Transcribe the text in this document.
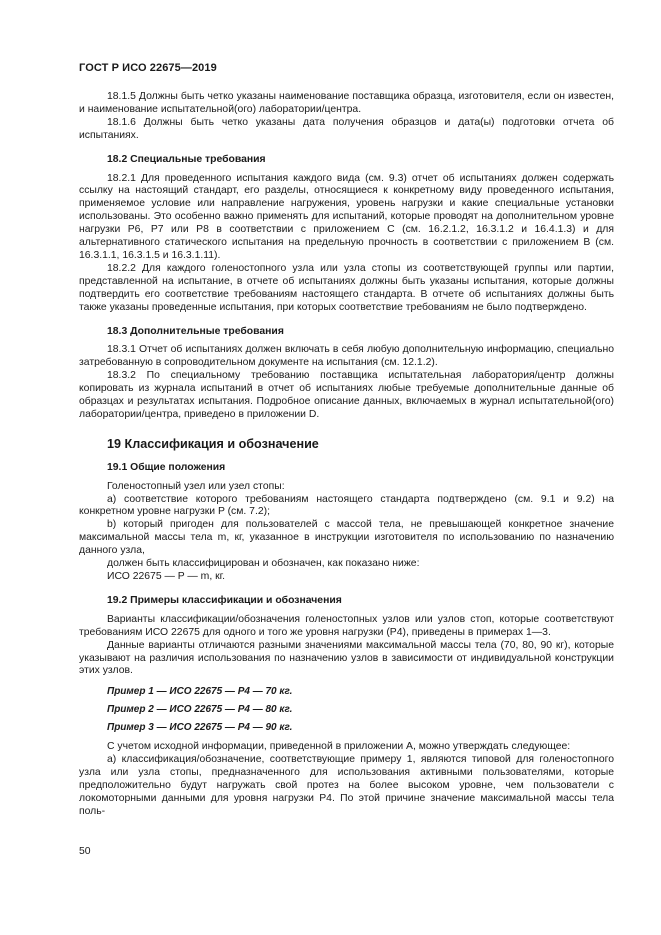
ГОСТ Р ИСО 22675—2019

18.1.5 Должны быть четко указаны наименование поставщика образца, изготовителя, если он известен, и наименование испытательной(ого) лаборатории/центра.

18.1.6 Должны быть четко указаны дата получения образцов и дата(ы) подготовки отчета об испытаниях.

18.2 Специальные требования

18.2.1 Для проведенного испытания каждого вида (см. 9.3) отчет об испытаниях должен содержать ссылку на настоящий стандарт, его разделы, относящиеся к конкретному виду проведенного испытания, применяемое условие или направление нагружения, уровень нагрузки и какие специальные установки использованы. Это особенно важно применять для испытаний, которые проводят на дополнительном уровне нагрузки P6, P7 или P8 в соответствии с приложением С (см. 16.2.1.2, 16.3.1.2 и 16.4.1.3) и для альтернативного статического испытания на предельную прочность в соответствии с приложением В (см. 16.3.1.1, 16.3.1.5 и 16.3.1.11).

18.2.2 Для каждого голеностопного узла или узла стопы из соответствующей группы или партии, представленной на испытание, в отчете об испытаниях должны быть указаны испытания, которые должны подтвердить его соответствие требованиям настоящего стандарта. В отчете об испытаниях должны быть также указаны проведенные испытания, при которых соответствие требованиям не было подтверждено.

18.3 Дополнительные требования

18.3.1 Отчет об испытаниях должен включать в себя любую дополнительную информацию, специально затребованную в сопроводительном документе на испытания (см. 12.1.2).

18.3.2 По специальному требованию поставщика испытательная лаборатория/центр должны копировать из журнала испытаний в отчет об испытаниях любые требуемые дополнительные данные об образцах и результатах испытания. Подробное описание данных, включаемых в журнал испытательной(ого) лаборатории/центра, приведено в приложении D.

19 Классификация и обозначение
19.1 Общие положения

Голеностопный узел или узел стопы:

a) соответствие которого требованиям настоящего стандарта подтверждено (см. 9.1 и 9.2) на конкретном уровне нагрузки P (см. 7.2);

b) который пригоден для пользователей с массой тела, не превышающей конкретное значение максимальной массы тела m, кг, указанное в инструкции изготовителя по использованию по назначению данного узла,

должен быть классифицирован и обозначен, как показано ниже:

ИСО 22675 — P — m, кг.

19.2 Примеры классификации и обозначения

Варианты классификации/обозначения голеностопных узлов или узлов стоп, которые соответствуют требованиям ИСО 22675 для одного и того же уровня нагрузки (P4), приведены в примерах 1—3.

Данные варианты отличаются разными значениями максимальной массы тела (70, 80, 90 кг), которые указывают на различия использования по назначению узлов в зависимости от индивидуальной конструкции этих узлов.

Пример 1 — ИСО 22675 — P4 — 70 кг.
Пример 2 — ИСО 22675 — P4 — 80 кг.
Пример 3 — ИСО 22675 — P4 — 90 кг.

С учетом исходной информации, приведенной в приложении А, можно утверждать следующее:

a) классификация/обозначение, соответствующие примеру 1, являются типовой для голеностопного узла или узла стопы, предназначенного для использования активными пользователями, которые предположительно будут нагружать свой протез на более высоком уровне, чем пользователи с локомоторными данными для уровня нагрузки P4. По этой причине значение максимальной массы тела поль-

50
